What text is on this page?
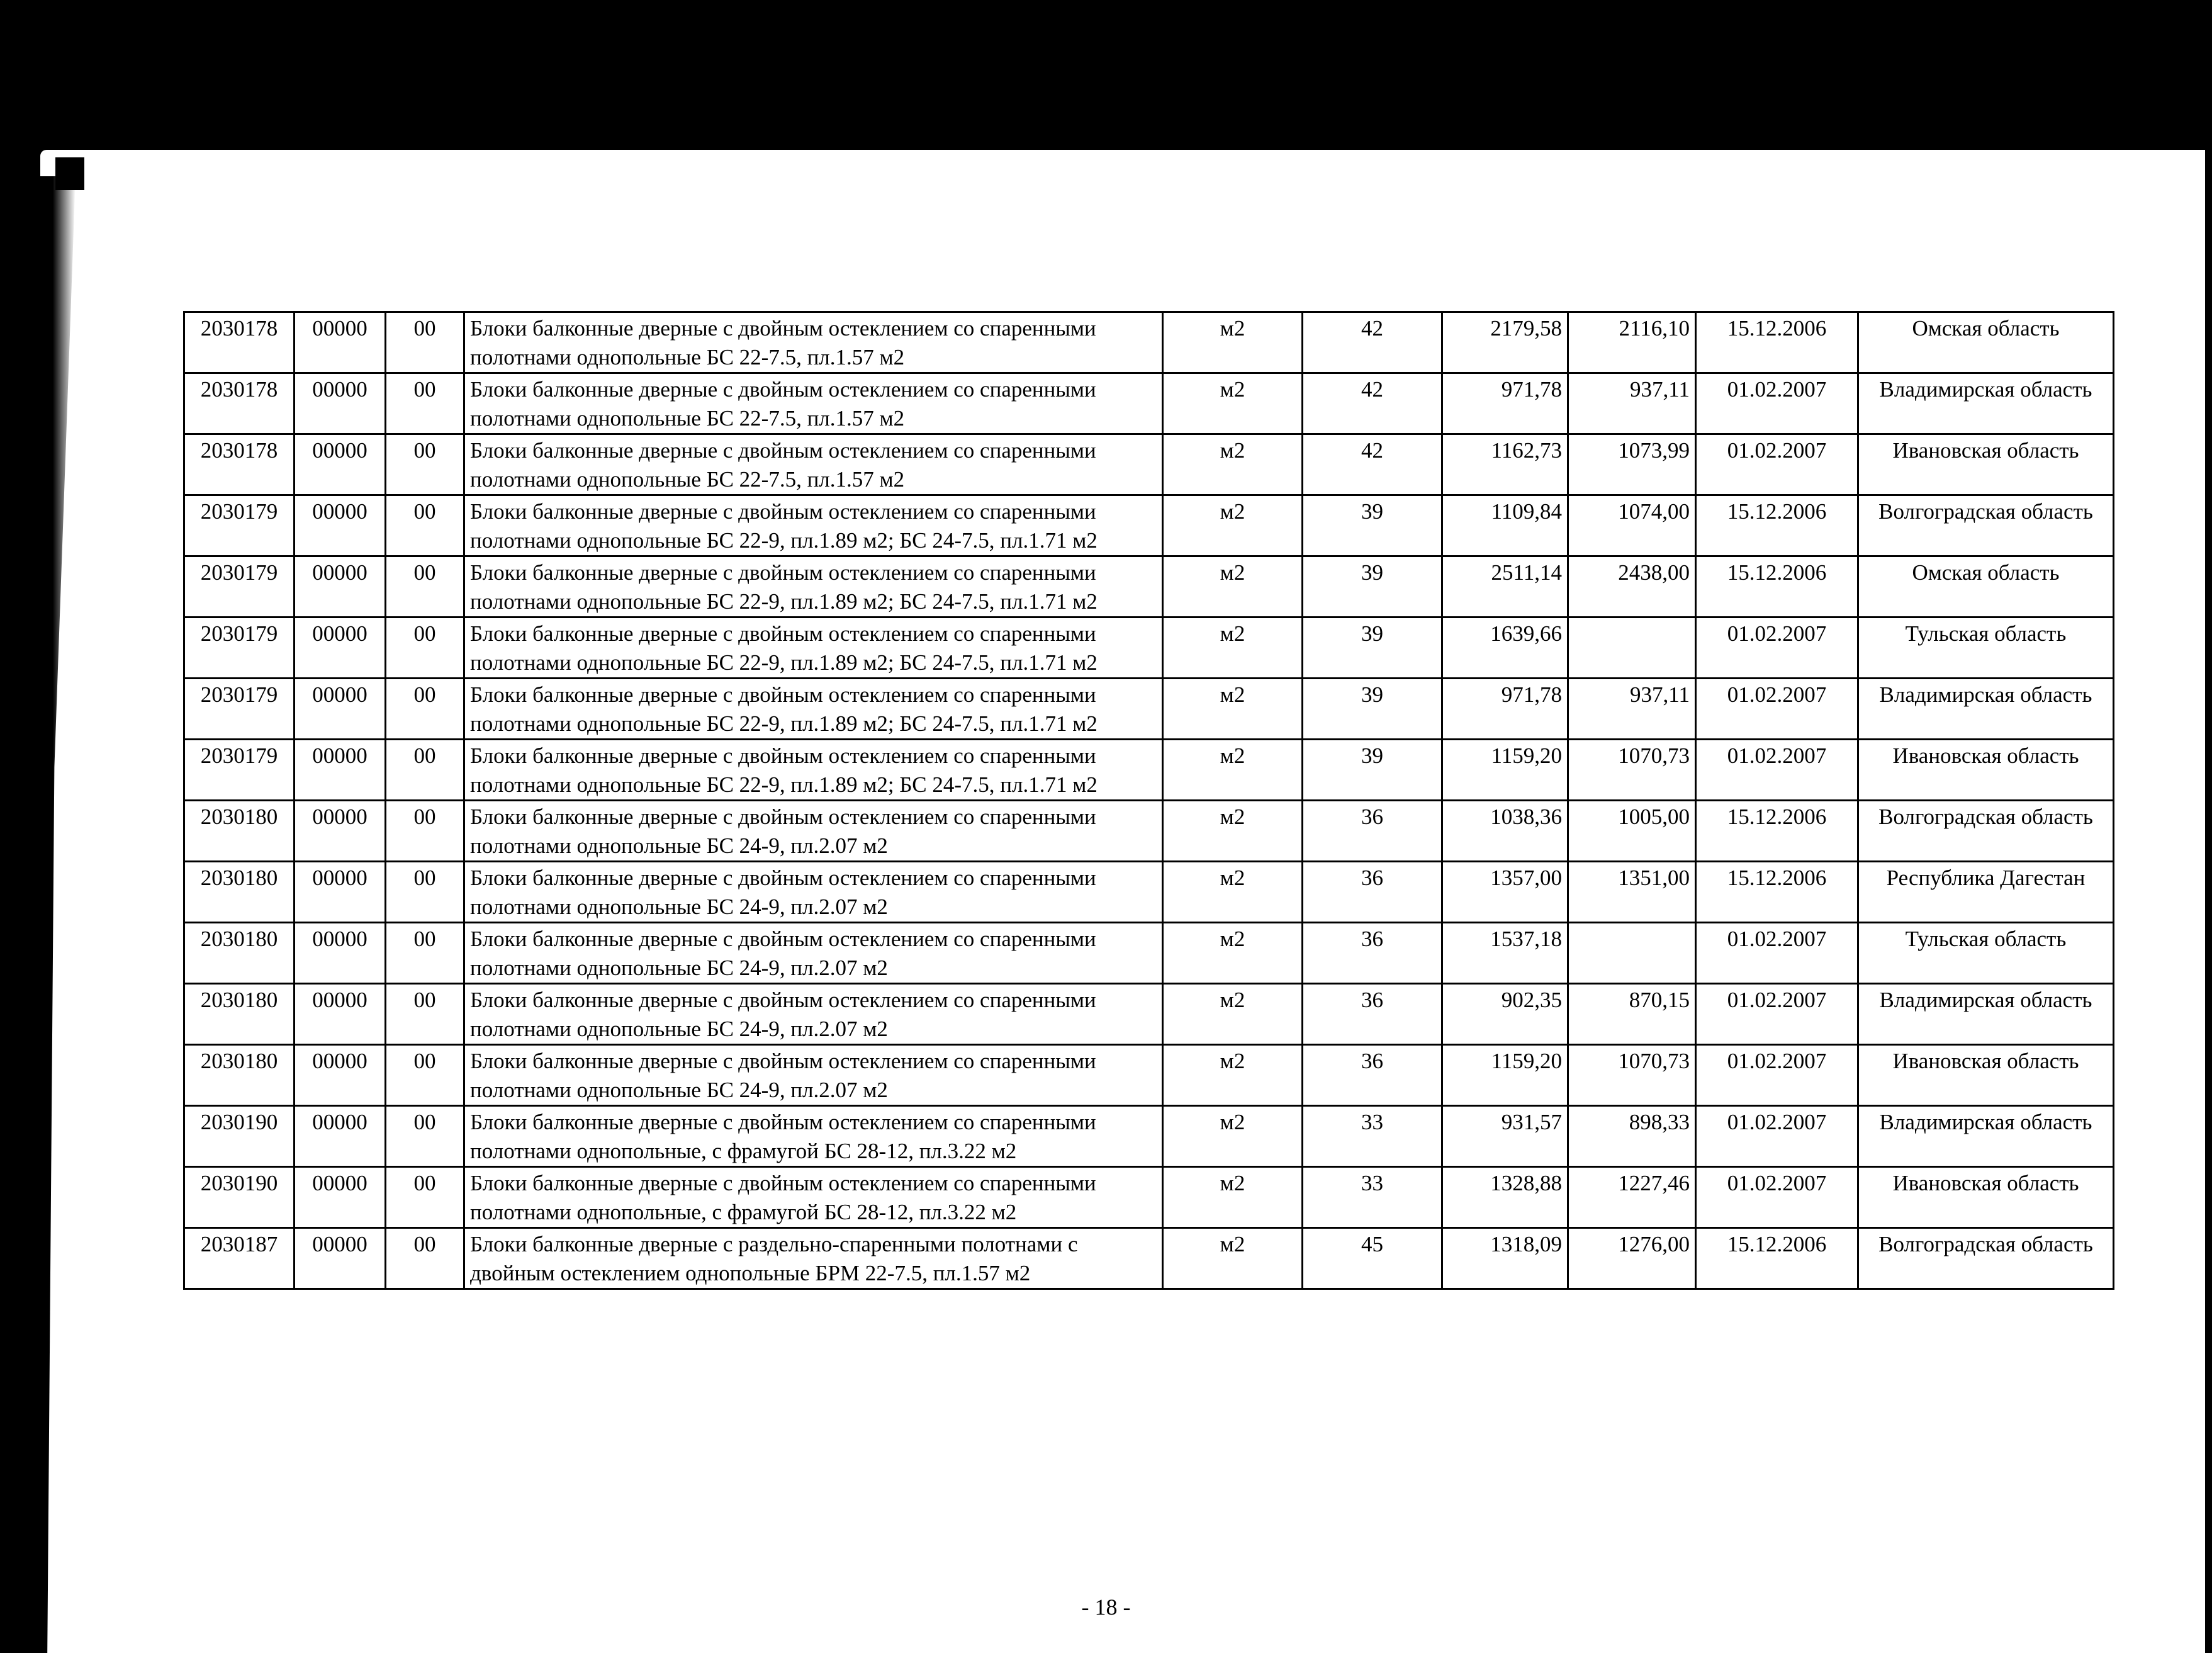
2030178	00000	00	Блоки балконные дверные с двойным остеклением со спаренными полотнами однопольные БС 22-7.5, пл.1.57 м2	м2	42	2179,58	2116,10	15.12.2006	Омская область
2030178	00000	00	Блоки балконные дверные с двойным остеклением со спаренными полотнами однопольные БС 22-7.5, пл.1.57 м2	м2	42	971,78	937,11	01.02.2007	Владимирская область
2030178	00000	00	Блоки балконные дверные с двойным остеклением со спаренными полотнами однопольные БС 22-7.5, пл.1.57 м2	м2	42	1162,73	1073,99	01.02.2007	Ивановская область
2030179	00000	00	Блоки балконные дверные с двойным остеклением со спаренными полотнами однопольные БС 22-9, пл.1.89 м2; БС 24-7.5, пл.1.71 м2	м2	39	1109,84	1074,00	15.12.2006	Волгоградская область
2030179	00000	00	Блоки балконные дверные с двойным остеклением со спаренными полотнами однопольные БС 22-9, пл.1.89 м2; БС 24-7.5, пл.1.71 м2	м2	39	2511,14	2438,00	15.12.2006	Омская область
2030179	00000	00	Блоки балконные дверные с двойным остеклением со спаренными полотнами однопольные БС 22-9, пл.1.89 м2; БС 24-7.5, пл.1.71 м2	м2	39	1639,66		01.02.2007	Тульская область
2030179	00000	00	Блоки балконные дверные с двойным остеклением со спаренными полотнами однопольные БС 22-9, пл.1.89 м2; БС 24-7.5, пл.1.71 м2	м2	39	971,78	937,11	01.02.2007	Владимирская область
2030179	00000	00	Блоки балконные дверные с двойным остеклением со спаренными полотнами однопольные БС 22-9, пл.1.89 м2; БС 24-7.5, пл.1.71 м2	м2	39	1159,20	1070,73	01.02.2007	Ивановская область
2030180	00000	00	Блоки балконные дверные с двойным остеклением со спаренными полотнами однопольные БС 24-9, пл.2.07 м2	м2	36	1038,36	1005,00	15.12.2006	Волгоградская область
2030180	00000	00	Блоки балконные дверные с двойным остеклением со спаренными полотнами однопольные БС 24-9, пл.2.07 м2	м2	36	1357,00	1351,00	15.12.2006	Республика Дагестан
2030180	00000	00	Блоки балконные дверные с двойным остеклением со спаренными полотнами однопольные БС 24-9, пл.2.07 м2	м2	36	1537,18		01.02.2007	Тульская область
2030180	00000	00	Блоки балконные дверные с двойным остеклением со спаренными полотнами однопольные БС 24-9, пл.2.07 м2	м2	36	902,35	870,15	01.02.2007	Владимирская область
2030180	00000	00	Блоки балконные дверные с двойным остеклением со спаренными полотнами однопольные БС 24-9, пл.2.07 м2	м2	36	1159,20	1070,73	01.02.2007	Ивановская область
2030190	00000	00	Блоки балконные дверные с двойным остеклением со спаренными полотнами однопольные, с фрамугой БС 28-12, пл.3.22 м2	м2	33	931,57	898,33	01.02.2007	Владимирская область
2030190	00000	00	Блоки балконные дверные с двойным остеклением со спаренными полотнами однопольные, с фрамугой БС 28-12, пл.3.22 м2	м2	33	1328,88	1227,46	01.02.2007	Ивановская область
2030187	00000	00	Блоки балконные дверные с раздельно-спаренными полотнами с двойным остеклением однопольные БРМ 22-7.5, пл.1.57 м2	м2	45	1318,09	1276,00	15.12.2006	Волгоградская область
- 18 -
